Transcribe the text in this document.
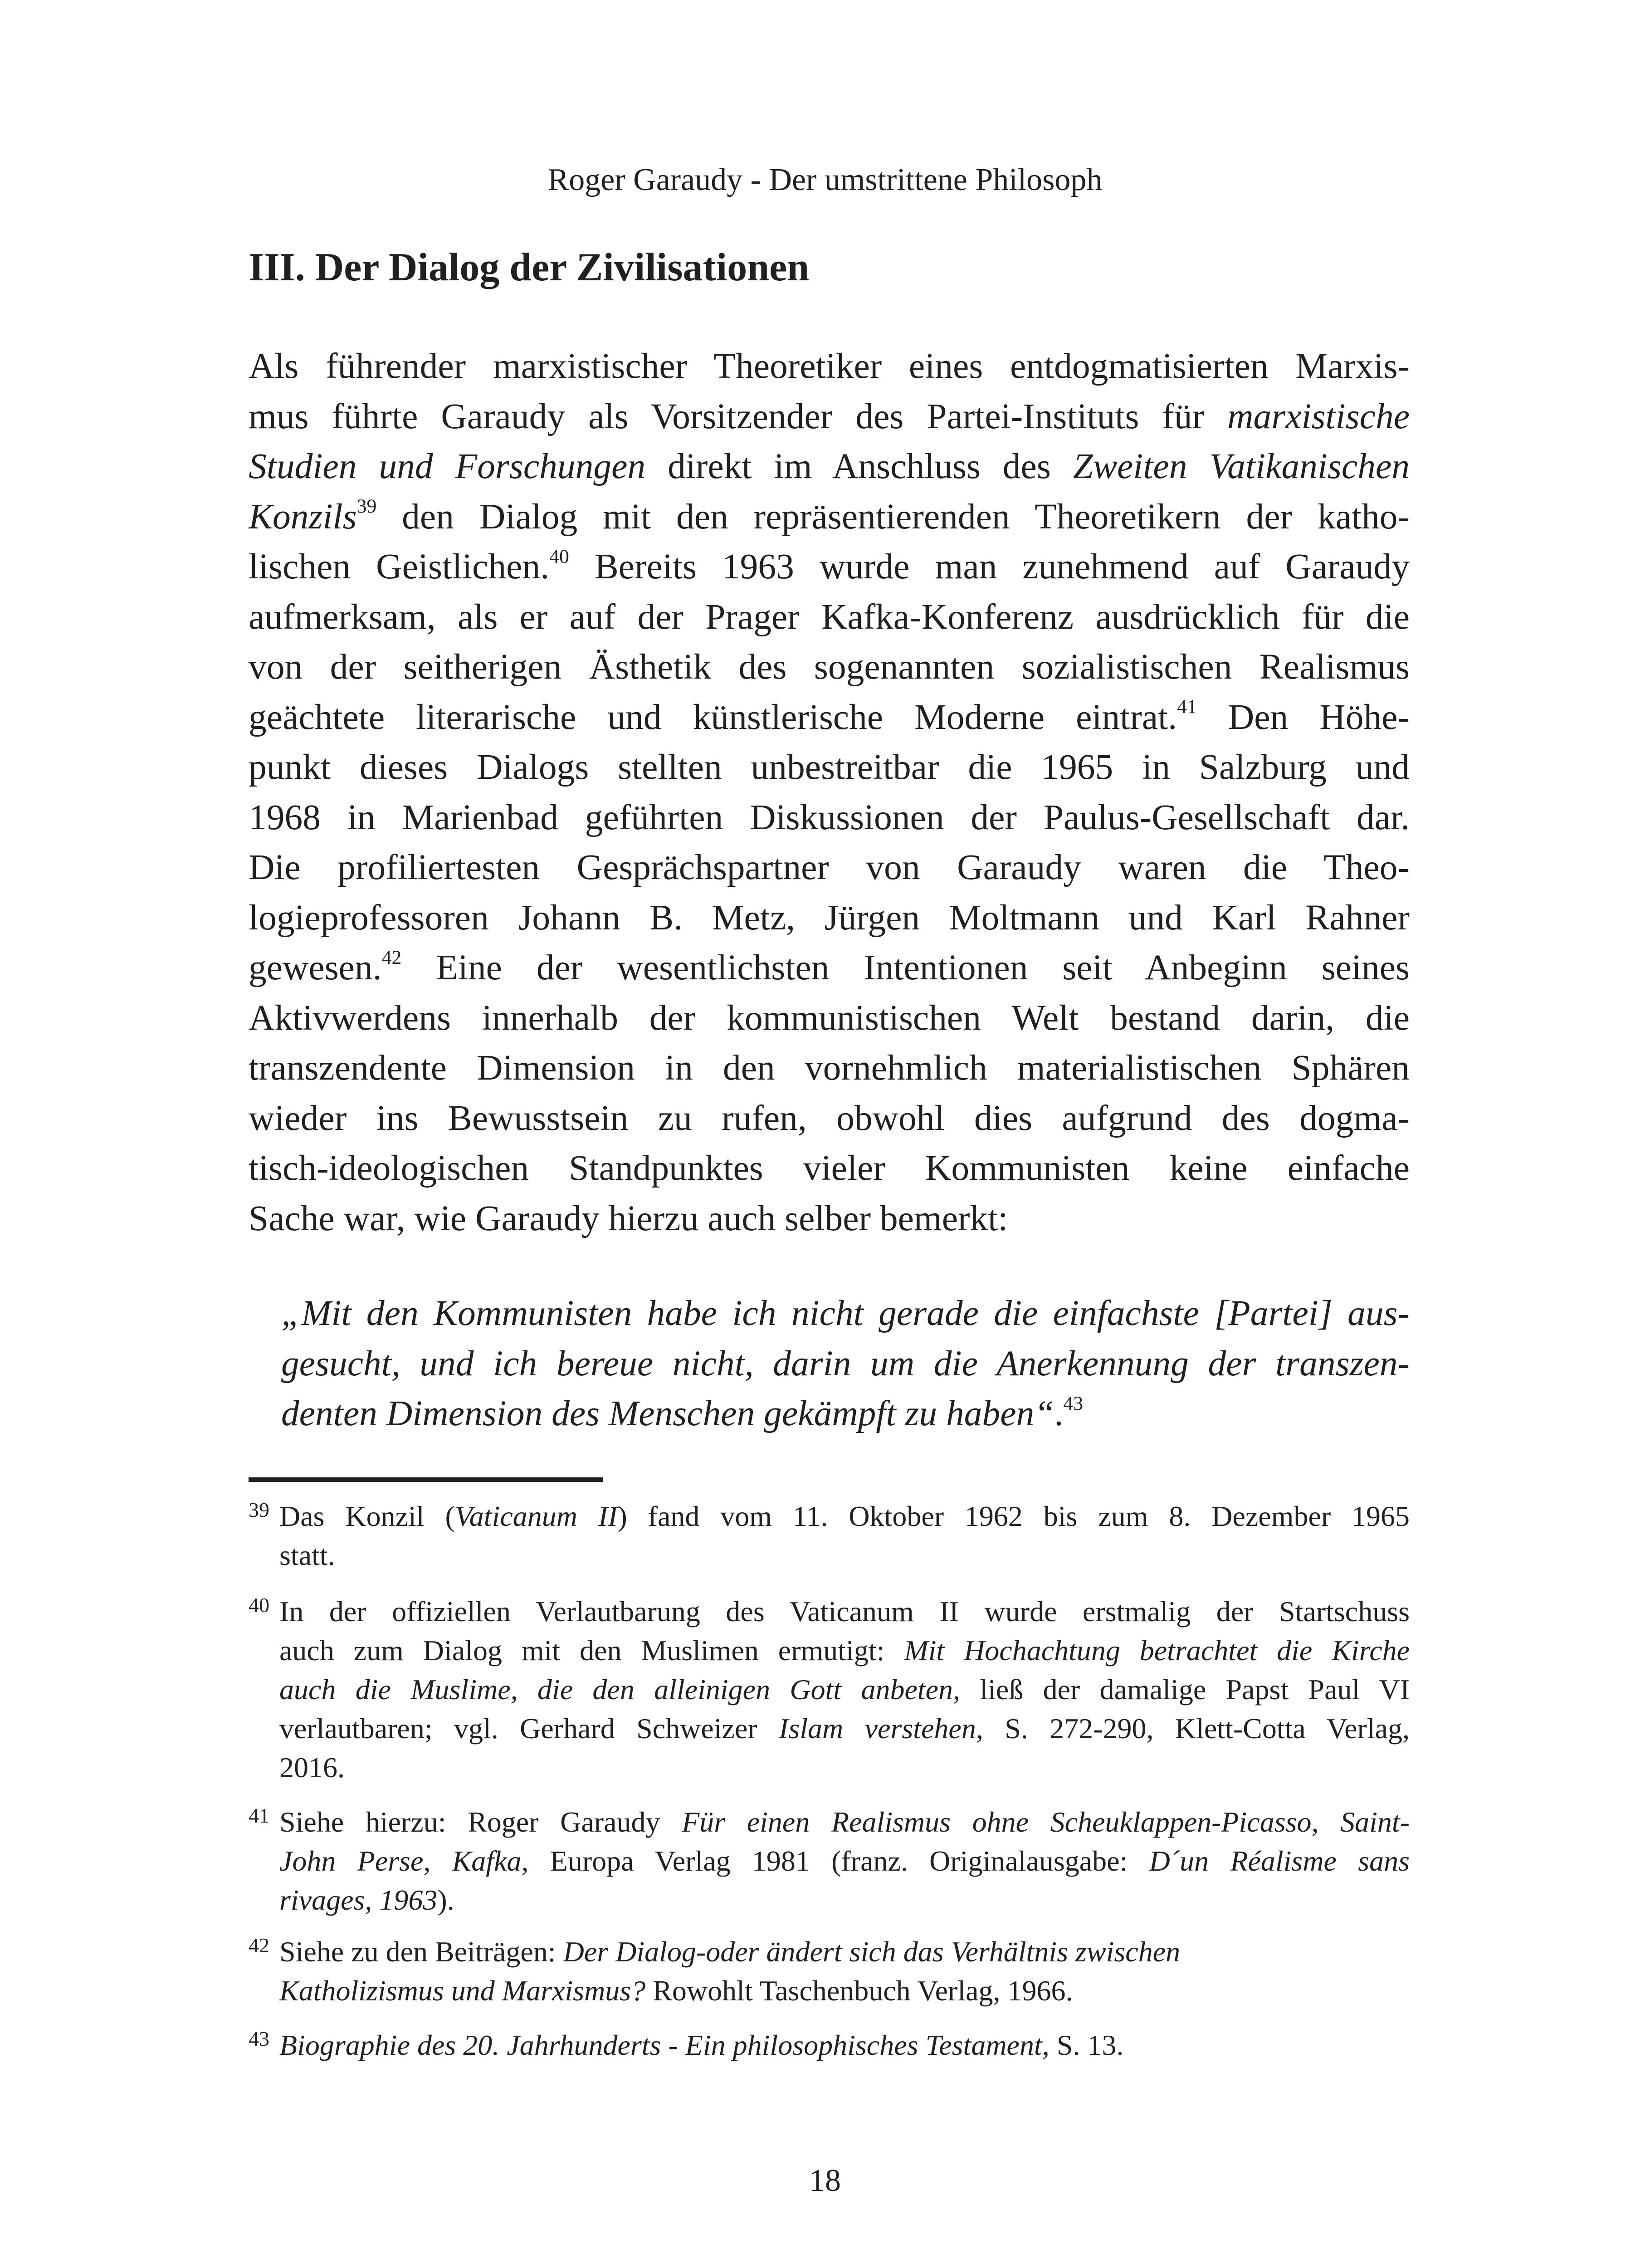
Roger Garaudy - Der umstrittene Philosoph
III. Der Dialog der Zivilisationen
Als führender marxistischer Theoretiker eines entdogmatisierten Marxis-
mus führte Garaudy als Vorsitzender des Partei-Instituts für marxistische
Studien und Forschungen direkt im Anschluss des Zweiten Vatikanischen
Konzils$^{39}$ den Dialog mit den repräsentierenden Theoretikern der katho-
lischen Geistlichen.$^{40}$ Bereits 1963 wurde man zunehmend auf Garaudy
aufmerksam, als er auf der Prager Kafka-Konferenz ausdrücklich für die
von der seitherigen Ästhetik des sogenannten sozialistischen Realismus
geächtete literarische und künstlerische Moderne eintrat.$^{41}$ Den Höhe-
punkt dieses Dialogs stellten unbestreitbar die 1965 in Salzburg und
1968 in Marienbad geführten Diskussionen der Paulus-Gesellschaft dar.
Die profiliertesten Gesprächspartner von Garaudy waren die Theo-
logieprofessoren Johann B. Metz, Jürgen Moltmann und Karl Rahner
gewesen.$^{42}$ Eine der wesentlichsten Intentionen seit Anbeginn seines
Aktivwerdens innerhalb der kommunistischen Welt bestand darin, die
transzendente Dimension in den vornehmlich materialistischen Sphären
wieder ins Bewusstsein zu rufen, obwohl dies aufgrund des dogma-
tisch-ideologischen Standpunktes vieler Kommunisten keine einfache
Sache war, wie Garaudy hierzu auch selber bemerkt:
„Mit den Kommunisten habe ich nicht gerade die einfachste [Partei] aus-
gesucht, und ich bereue nicht, darin um die Anerkennung der transzen-
denten Dimension des Menschen gekämpft zu haben“.$^{43}$
39 Das Konzil (Vaticanum II) fand vom 11. Oktober 1962 bis zum 8. Dezember 1965
statt.
40 In der offiziellen Verlautbarung des Vaticanum II wurde erstmalig der Startschuss
auch zum Dialog mit den Muslimen ermutigt: Mit Hochachtung betrachtet die Kirche
auch die Muslime, die den alleinigen Gott anbeten, ließ der damalige Papst Paul VI
verlautbaren; vgl. Gerhard Schweizer Islam verstehen, S. 272-290, Klett-Cotta Verlag,
2016.
41 Siehe hierzu: Roger Garaudy Für einen Realismus ohne Scheuklappen-Picasso, Saint-
John Perse, Kafka, Europa Verlag 1981 (franz. Originalausgabe: D´un Réalisme sans
rivages, 1963).
42 Siehe zu den Beiträgen: Der Dialog-oder ändert sich das Verhältnis zwischen
Katholizismus und Marxismus? Rowohlt Taschenbuch Verlag, 1966.
43 Biographie des 20. Jahrhunderts - Ein philosophisches Testament, S. 13.
18
